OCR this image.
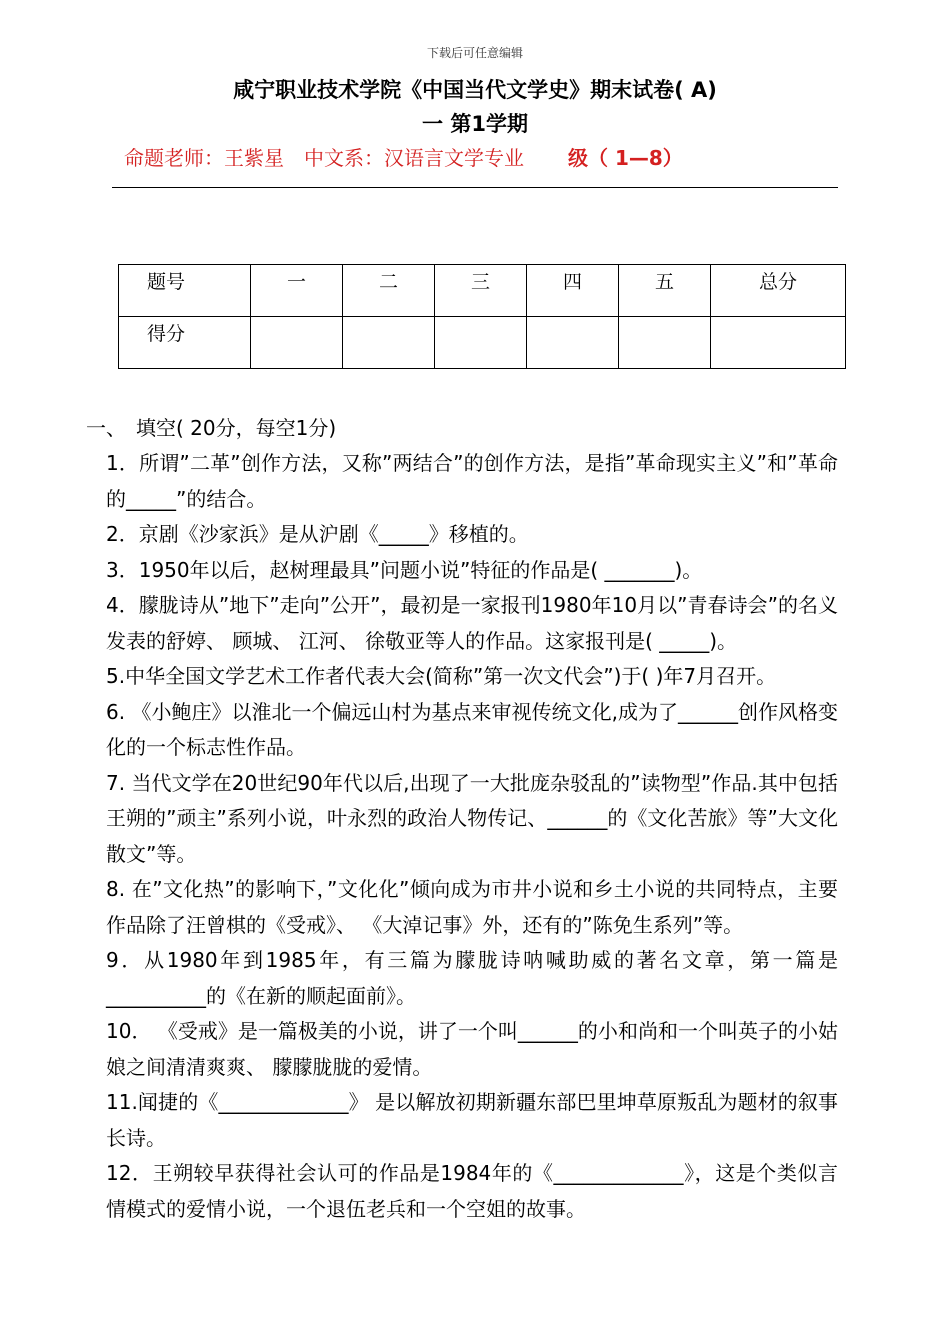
下载后可任意编辑
咸宁职业技术学院《中国当代文学史》期末试卷( A)
一 第1学期
命题老师：王紫星　中文系：汉语言文学专业 级（ 1—8）
题号	一	二	三	四	五	总分
得分						
一、　填空( 20分，每空1分)

1．所谓”二革”创作方法，又称”两结合”的创作方法，是指”革命现实主义”和”革命的_____”的结合。

2．京剧《沙家浜》是从沪剧《_____》移植的。

3．1950年以后，赵树理最具”问题小说”特征的作品是( _______)。

4．朦胧诗从”地下”走向”公开”，最初是一家报刊1980年10月以”青春诗会”的名义发表的舒婷、 顾城、 江河、 徐敬亚等人的作品。这家报刊是( _____)。

5.中华全国文学艺术工作者代表大会(简称”第一次文代会”)于( )年7月召开。

6. 《小鲍庄》以淮北一个偏远山村为基点来审视传统文化,成为了______创作风格变化的一个标志性作品。

7. 当代文学在20世纪90年代以后,出现了一大批庞杂驳乱的”读物型”作品.其中包括王朔的”顽主”系列小说，叶永烈的政治人物传记、______的《文化苦旅》等”大文化散文”等。

8. 在”文化热”的影响下，”文化化”倾向成为市井小说和乡土小说的共同特点，主要作品除了汪曾棋的《受戒》、 《大淖记事》外，还有的”陈免生系列”等。

9．从1980年到1985年，有三篇为朦胧诗呐喊助威的著名文章，第一篇是__________的《在新的顺起面前》。

10． 《受戒》是一篇极美的小说，讲了一个叫______的小和尚和一个叫英子的小姑娘之间清清爽爽、 朦朦胧胧的爱情。

11.闻捷的《_____________》 是以解放初期新疆东部巴里坤草原叛乱为题材的叙事长诗。

12．王朔较早获得社会认可的作品是1984年的《_____________》，这是个类似言情模式的爱情小说，一个退伍老兵和一个空姐的故事。
